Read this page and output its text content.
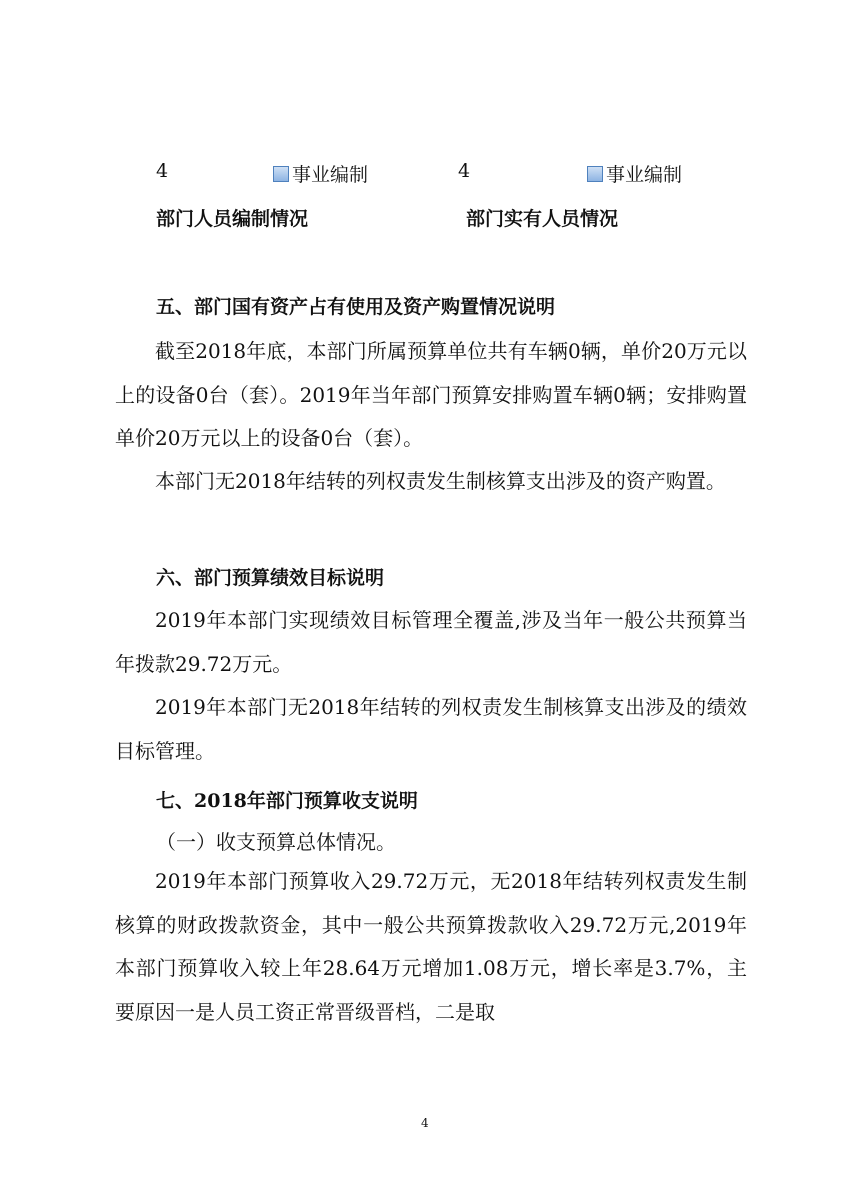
4	事业编制
部门人员编制情况
4	事业编制
部门实有人员情况
五、部门国有资产占有使用及资产购置情况说明

截至2018年底，本部门所属预算单位共有车辆0辆，单价20万元以上的设备0台（套）。2019年当年部门预算安排购置车辆0辆；安排购置单价20万元以上的设备0台（套）。

本部门无2018年结转的列权责发生制核算支出涉及的资产购置。

六、部门预算绩效目标说明

2019年本部门实现绩效目标管理全覆盖,涉及当年一般公共预算当年拨款29.72万元。

2019年本部门无2018年结转的列权责发生制核算支出涉及的绩效目标管理。

七、2018年部门预算收支说明
（一）收支预算总体情况。

2019年本部门预算收入29.72万元，无2018年结转列权责发生制核算的财政拨款资金，其中一般公共预算拨款收入29.72万元,2019年本部门预算收入较上年28.64万元增加1.08万元，增长率是3.7%，主要原因一是人员工资正常晋级晋档，二是取

4
